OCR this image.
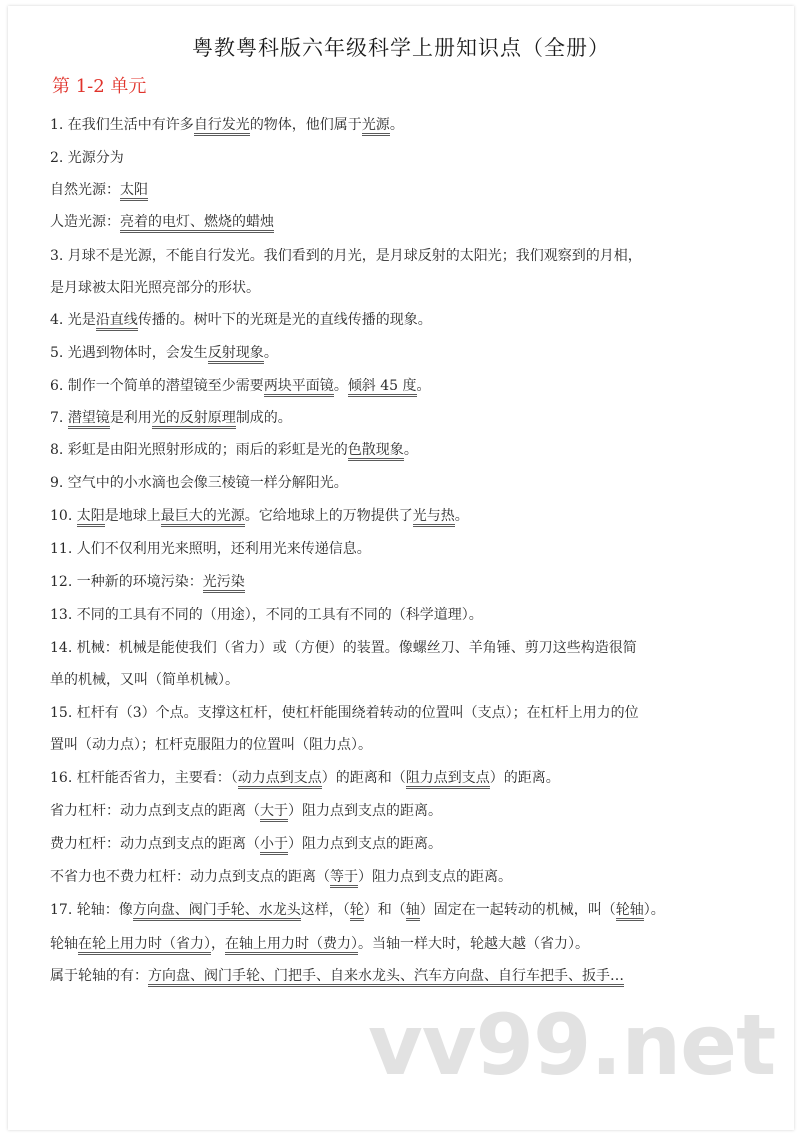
粤教粤科版六年级科学上册知识点（全册）
第 1-2 单元
1. 在我们生活中有许多自行发光的物体，他们属于光源。
2. 光源分为
自然光源：太阳
人造光源：亮着的电灯、燃烧的蜡烛
3. 月球不是光源，不能自行发光。我们看到的月光，是月球反射的太阳光；我们观察到的月相，
是月球被太阳光照亮部分的形状。
4. 光是沿直线传播的。树叶下的光斑是光的直线传播的现象。
5. 光遇到物体时，会发生反射现象。
6. 制作一个简单的潜望镜至少需要两块平面镜。倾斜 45 度。
7. 潜望镜是利用光的反射原理制成的。
8. 彩虹是由阳光照射形成的；雨后的彩虹是光的色散现象。
9. 空气中的小水滴也会像三棱镜一样分解阳光。
10. 太阳是地球上最巨大的光源。它给地球上的万物提供了光与热。
11. 人们不仅利用光来照明，还利用光来传递信息。
12. 一种新的环境污染：光污染
13. 不同的工具有不同的（用途），不同的工具有不同的（科学道理）。
14. 机械：机械是能使我们（省力）或（方便）的装置。像螺丝刀、羊角锤、剪刀这些构造很简
单的机械，又叫（简单机械）。
15. 杠杆有（3）个点。支撑这杠杆，使杠杆能围绕着转动的位置叫（支点）；在杠杆上用力的位
置叫（动力点）；杠杆克服阻力的位置叫（阻力点）。
16. 杠杆能否省力，主要看：（动力点到支点）的距离和（阻力点到支点）的距离。
省力杠杆：动力点到支点的距离（大于）阻力点到支点的距离。
费力杠杆：动力点到支点的距离（小于）阻力点到支点的距离。
不省力也不费力杠杆：动力点到支点的距离（等于）阻力点到支点的距离。
17. 轮轴：像方向盘、阀门手轮、水龙头这样，（轮）和（轴）固定在一起转动的机械，叫（轮轴）。
轮轴在轮上用力时（省力），在轴上用力时（费力）。当轴一样大时，轮越大越（省力）。
属于轮轴的有：方向盘、阀门手轮、门把手、自来水龙头、汽车方向盘、自行车把手、扳手…
vv99.net
